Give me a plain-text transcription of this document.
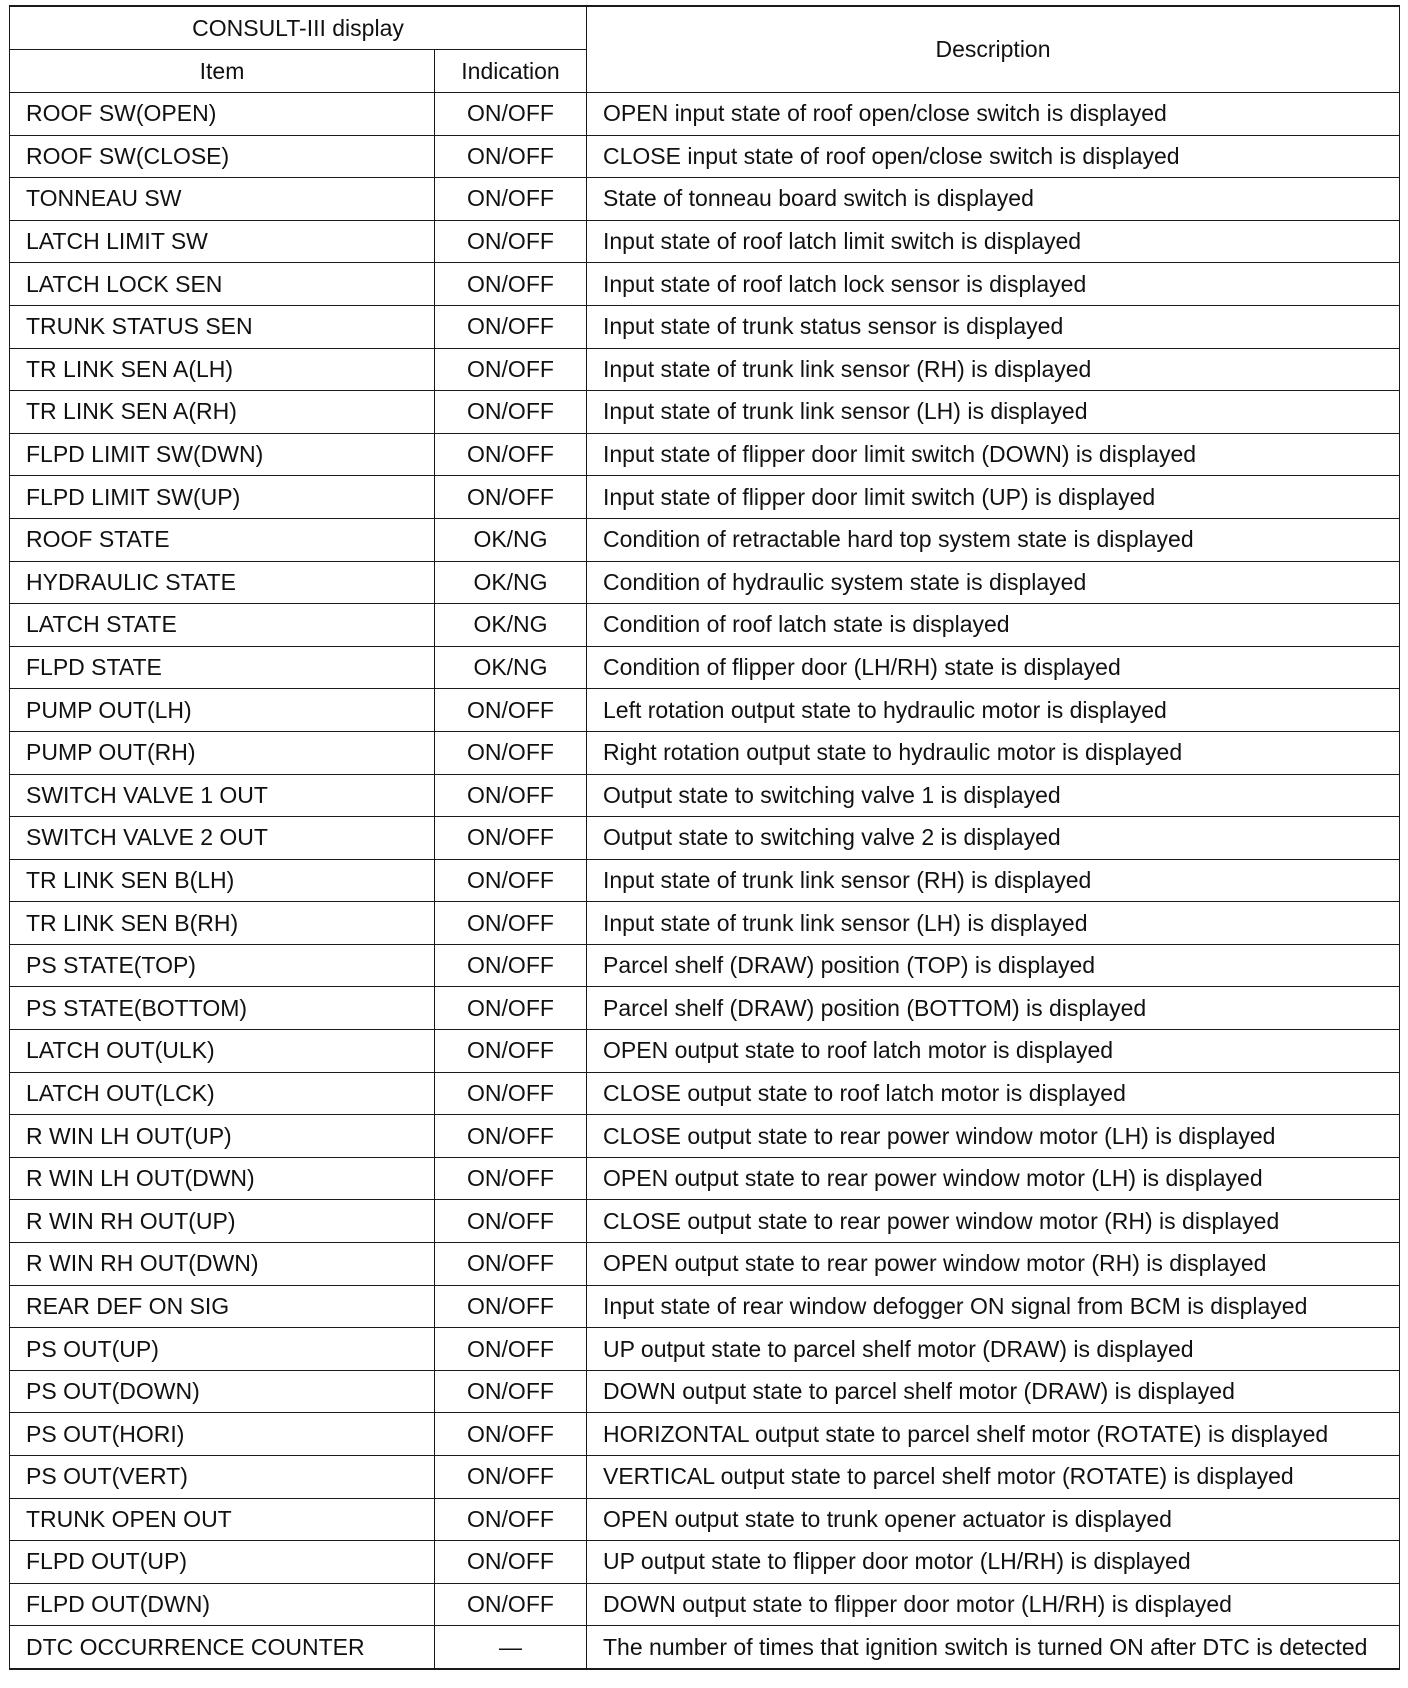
CONSULT-III display		Description
Item	Indication	
ROOF SW(OPEN)	ON/OFF	OPEN input state of roof open/close switch is displayed
ROOF SW(CLOSE)	ON/OFF	CLOSE input state of roof open/close switch is displayed
TONNEAU SW	ON/OFF	State of tonneau board switch is displayed
LATCH LIMIT SW	ON/OFF	Input state of roof latch limit switch is displayed
LATCH LOCK SEN	ON/OFF	Input state of roof latch lock sensor is displayed
TRUNK STATUS SEN	ON/OFF	Input state of trunk status sensor is displayed
TR LINK SEN A(LH)	ON/OFF	Input state of trunk link sensor (RH) is displayed
TR LINK SEN A(RH)	ON/OFF	Input state of trunk link sensor (LH) is displayed
FLPD LIMIT SW(DWN)	ON/OFF	Input state of flipper door limit switch (DOWN) is displayed
FLPD LIMIT SW(UP)	ON/OFF	Input state of flipper door limit switch (UP) is displayed
ROOF STATE	OK/NG	Condition of retractable hard top system state is displayed
HYDRAULIC STATE	OK/NG	Condition of hydraulic system state is displayed
LATCH STATE	OK/NG	Condition of roof latch state is displayed
FLPD STATE	OK/NG	Condition of flipper door (LH/RH) state is displayed
PUMP OUT(LH)	ON/OFF	Left rotation output state to hydraulic motor is displayed
PUMP OUT(RH)	ON/OFF	Right rotation output state to hydraulic motor is displayed
SWITCH VALVE 1 OUT	ON/OFF	Output state to switching valve 1 is displayed
SWITCH VALVE 2 OUT	ON/OFF	Output state to switching valve 2 is displayed
TR LINK SEN B(LH)	ON/OFF	Input state of trunk link sensor (RH) is displayed
TR LINK SEN B(RH)	ON/OFF	Input state of trunk link sensor (LH) is displayed
PS STATE(TOP)	ON/OFF	Parcel shelf (DRAW) position (TOP) is displayed
PS STATE(BOTTOM)	ON/OFF	Parcel shelf (DRAW) position (BOTTOM) is displayed
LATCH OUT(ULK)	ON/OFF	OPEN output state to roof latch motor is displayed
LATCH OUT(LCK)	ON/OFF	CLOSE output state to roof latch motor is displayed
R WIN LH OUT(UP)	ON/OFF	CLOSE output state to rear power window motor (LH) is displayed
R WIN LH OUT(DWN)	ON/OFF	OPEN output state to rear power window motor (LH) is displayed
R WIN RH OUT(UP)	ON/OFF	CLOSE output state to rear power window motor (RH) is displayed
R WIN RH OUT(DWN)	ON/OFF	OPEN output state to rear power window motor (RH) is displayed
REAR DEF ON SIG	ON/OFF	Input state of rear window defogger ON signal from BCM is displayed
PS OUT(UP)	ON/OFF	UP output state to parcel shelf motor (DRAW) is displayed
PS OUT(DOWN)	ON/OFF	DOWN output state to parcel shelf motor (DRAW) is displayed
PS OUT(HORI)	ON/OFF	HORIZONTAL output state to parcel shelf motor (ROTATE) is displayed
PS OUT(VERT)	ON/OFF	VERTICAL output state to parcel shelf motor (ROTATE) is displayed
TRUNK OPEN OUT	ON/OFF	OPEN output state to trunk opener actuator is displayed
FLPD OUT(UP)	ON/OFF	UP output state to flipper door motor (LH/RH) is displayed
FLPD OUT(DWN)	ON/OFF	DOWN output state to flipper door motor (LH/RH) is displayed
DTC OCCURRENCE COUNTER	—	The number of times that ignition switch is turned ON after DTC is detected
